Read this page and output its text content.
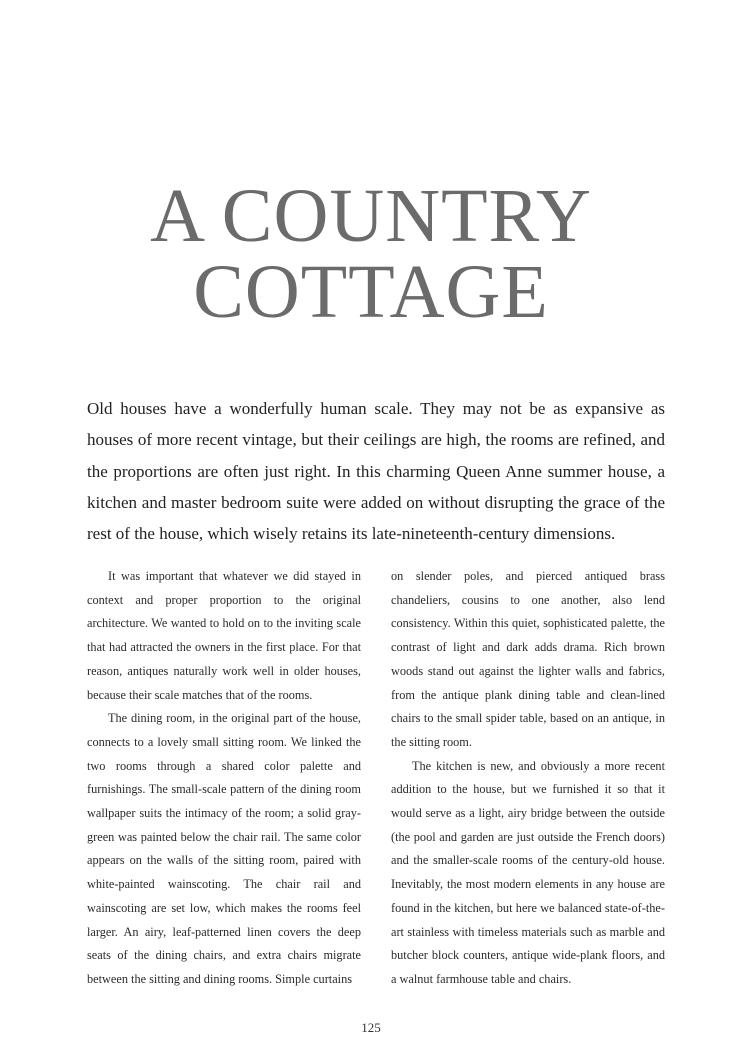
A COUNTRY
COTTAGE

Old houses have a wonderfully human scale. They may not be as expansive as houses of more recent vintage, but their ceilings are high, the rooms are refined, and the proportions are often just right. In this charming Queen Anne summer house, a kitchen and master bedroom suite were added on without disrupting the grace of the rest of the house, which wisely retains its late-nineteenth-century dimensions.

It was important that whatever we did stayed in context and proper proportion to the original architecture. We wanted to hold on to the inviting scale that had attracted the owners in the first place. For that reason, antiques naturally work well in older houses, because their scale matches that of the rooms.

The dining room, in the original part of the house, connects to a lovely small sitting room. We linked the two rooms through a shared color palette and furnishings. The small-scale pattern of the dining room wallpaper suits the intimacy of the room; a solid gray-green was painted below the chair rail. The same color appears on the walls of the sitting room, paired with white-painted wainscoting. The chair rail and wainscoting are set low, which makes the rooms feel larger. An airy, leaf-patterned linen covers the deep seats of the dining chairs, and extra chairs migrate between the sitting and dining rooms. Simple curtains

on slender poles, and pierced antiqued brass chandeliers, cousins to one another, also lend consistency. Within this quiet, sophisticated palette, the contrast of light and dark adds drama. Rich brown woods stand out against the lighter walls and fabrics, from the antique plank dining table and clean-lined chairs to the small spider table, based on an antique, in the sitting room.

The kitchen is new, and obviously a more recent addition to the house, but we furnished it so that it would serve as a light, airy bridge between the outside (the pool and garden are just outside the French doors) and the smaller-scale rooms of the century-old house. Inevitably, the most modern elements in any house are found in the kitchen, but here we balanced state-of-the-art stainless with timeless materials such as marble and butcher block counters, antique wide-plank floors, and a walnut farmhouse table and chairs.

125
